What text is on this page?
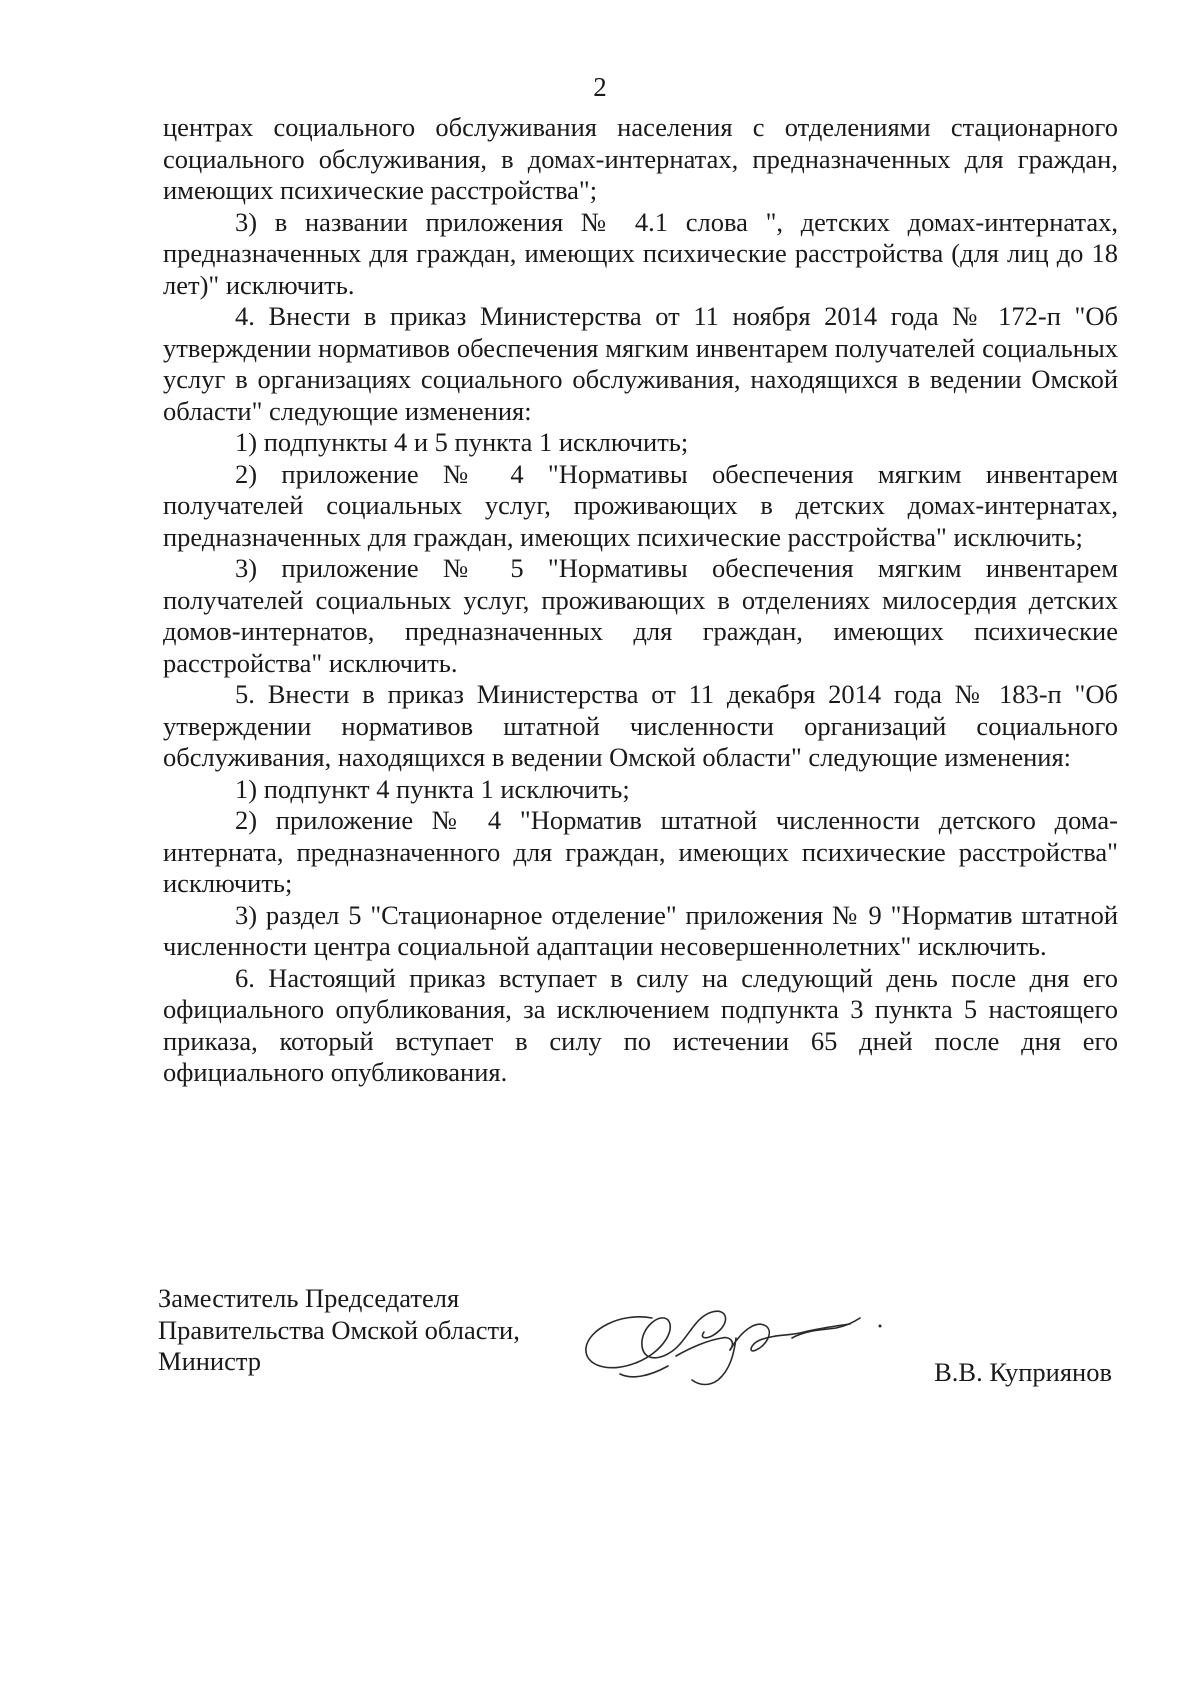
2

центрах социального обслуживания населения с отделениями стационарного социального обслуживания, в домах-интернатах, предназначенных для граждан, имеющих психические расстройства";

3) в названии приложения № 4.1 слова ", детских домах-интернатах, предназначенных для граждан, имеющих психические расстройства (для лиц до 18 лет)" исключить.

4. Внести в приказ Министерства от 11 ноября 2014 года № 172-п "Об утверждении нормативов обеспечения мягким инвентарем получателей социальных услуг в организациях социального обслуживания, находящихся в ведении Омской области" следующие изменения:

1) подпункты 4 и 5 пункта 1 исключить;

2) приложение № 4 "Нормативы обеспечения мягким инвентарем получателей социальных услуг, проживающих в детских домах-интернатах, предназначенных для граждан, имеющих психические расстройства" исключить;

3) приложение № 5 "Нормативы обеспечения мягким инвентарем получателей социальных услуг, проживающих в отделениях милосердия детских домов-интернатов, предназначенных для граждан, имеющих психические расстройства" исключить.

5. Внести в приказ Министерства от 11 декабря 2014 года № 183-п "Об утверждении нормативов штатной численности организаций социального обслуживания, находящихся в ведении Омской области" следующие изменения:

1) подпункт 4 пункта 1 исключить;

2) приложение № 4 "Норматив штатной численности детского дома-интерната, предназначенного для граждан, имеющих психические расстройства" исключить;

3) раздел 5 "Стационарное отделение" приложения № 9 "Норматив штатной численности центра социальной адаптации несовершеннолетних" исключить.

6. Настоящий приказ вступает в силу на следующий день после дня его официального опубликования, за исключением подпункта 3 пункта 5 настоящего приказа, который вступает в силу по истечении 65 дней после дня его официального опубликования.

Заместитель Председателя
Правительства Омской области,
Министр	В.В. Куприянов
